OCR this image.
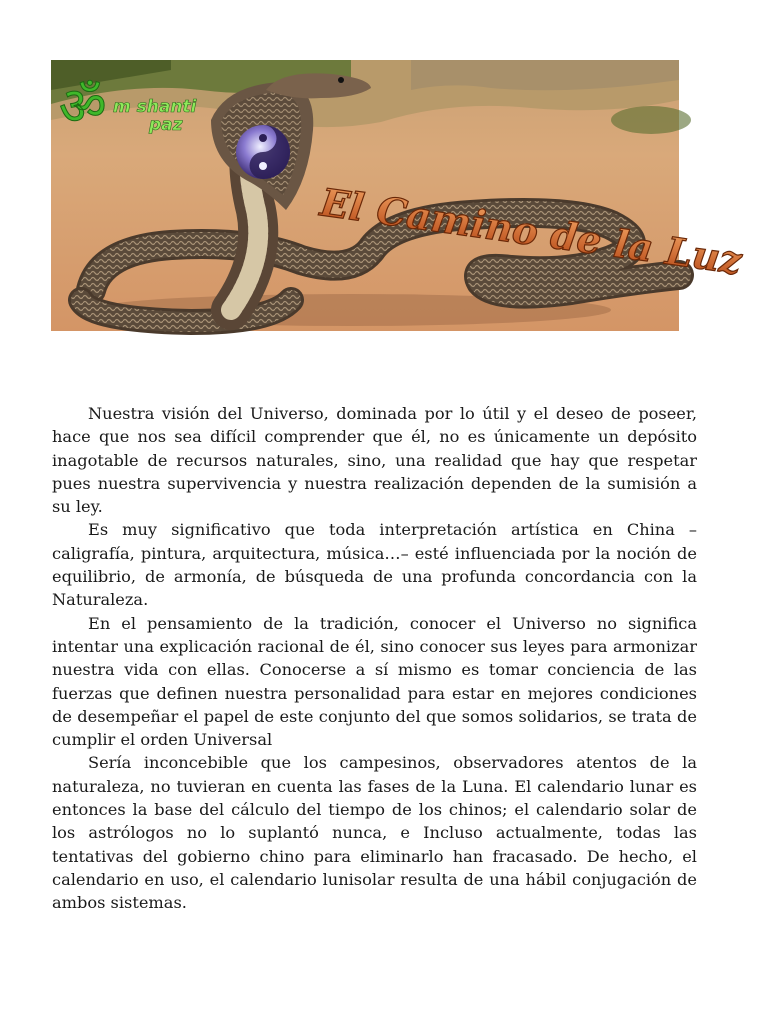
ॐ m shanti
paz
El Camino de la Luz

Nuestra visión del Universo, dominada por lo útil y el deseo de poseer, hace que nos sea difícil comprender que él, no es únicamente un depósito inagotable de recursos naturales, sino, una realidad que hay que respetar pues nuestra supervivencia y nuestra realización dependen de la sumisión a su ley.

Es muy significativo que toda interpretación artística en China – caligrafía, pintura, arquitectura, música…– esté influenciada por la noción de equilibrio, de armonía, de búsqueda de una profunda concordancia con la Naturaleza.

En el pensamiento de la tradición, conocer el Universo no significa intentar una explicación racional de él, sino conocer sus leyes para armonizar nuestra vida con ellas. Conocerse a sí mismo es tomar conciencia de las fuerzas que definen nuestra personalidad para estar en mejores condiciones de desempeñar el papel de este conjunto del que somos solidarios, se trata de cumplir el orden Universal

Sería inconcebible que los campesinos, observadores atentos de la naturaleza, no tuvieran en cuenta las fases de la Luna. El calendario lunar es entonces la base del cálculo del tiempo de los chinos; el calendario solar de los astrólogos no lo suplantó nunca, e Incluso actualmente, todas las tentativas del gobierno chino para eliminarlo han fracasado. De hecho, el calendario en uso, el calendario lunisolar resulta de una hábil conjugación de ambos sistemas.
